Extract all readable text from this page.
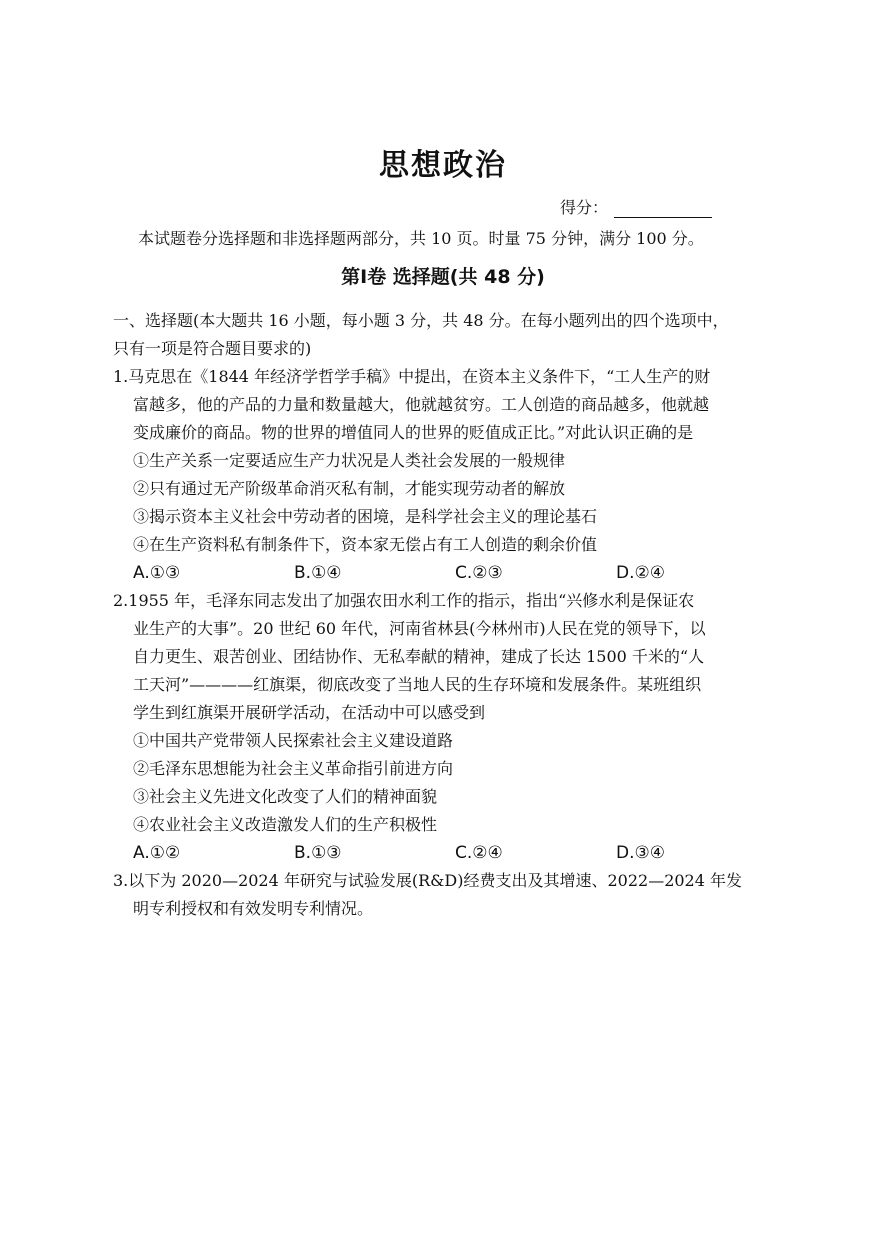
思想政治
得分：
本试题卷分选择题和非选择题两部分，共 10 页。时量 75 分钟，满分 100 分。
第Ⅰ卷 选择题(共 48 分)
一、选择题(本大题共 16 小题，每小题 3 分，共 48 分。在每小题列出的四个选项中，
只有一项是符合题目要求的)
1.马克思在《1844 年经济学哲学手稿》中提出，在资本主义条件下，“工人生产的财
富越多，他的产品的力量和数量越大，他就越贫穷。工人创造的商品越多，他就越
变成廉价的商品。物的世界的增值同人的世界的贬值成正比。”对此认识正确的是
①生产关系一定要适应生产力状况是人类社会发展的一般规律
②只有通过无产阶级革命消灭私有制，才能实现劳动者的解放
③揭示资本主义社会中劳动者的困境，是科学社会主义的理论基石
④在生产资料私有制条件下，资本家无偿占有工人创造的剩余价值
A.①③	B.①④	C.②③	D.②④
2.1955 年，毛泽东同志发出了加强农田水利工作的指示，指出“兴修水利是保证农
业生产的大事”。20 世纪 60 年代，河南省林县(今林州市)人民在党的领导下，以
自力更生、艰苦创业、团结协作、无私奉献的精神，建成了长达 1500 千米的“人
工天河”————红旗渠，彻底改变了当地人民的生存环境和发展条件。某班组织
学生到红旗渠开展研学活动，在活动中可以感受到
①中国共产党带领人民探索社会主义建设道路
②毛泽东思想能为社会主义革命指引前进方向
③社会主义先进文化改变了人们的精神面貌
④农业社会主义改造激发人们的生产积极性
A.①②	B.①③	C.②④	D.③④
3.以下为 2020—2024 年研究与试验发展(R&D)经费支出及其增速、2022—2024 年发
明专利授权和有效发明专利情况。
